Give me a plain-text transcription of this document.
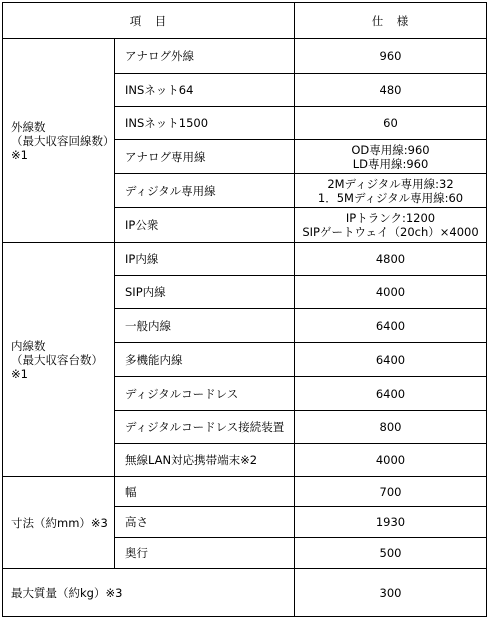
項　目		仕　様

外線数
（最大収容回線数）
※1	アナログ外線	960

	INSネット64	480

	INSネット1500	60

	アナログ専用線	OD専用線:960
LD専用線:960

	ディジタル専用線	2Mディジタル専用線:32
1．5Mディジタル専用線:60

	IP公衆	IPトランク:1200
SIPゲートウェイ（20ch）×4000

内線数
（最大収容台数）
※1	IP内線	4800

	SIP内線	4000

	一般内線	6400

	多機能内線	6400

	ディジタルコードレス	6400

	ディジタルコードレス接続装置	800

	無線LAN対応携帯端末※2	4000

寸法（約mm）※3	幅	700

	高さ	1930

	奥行	500

最大質量（約kg）※3		300
